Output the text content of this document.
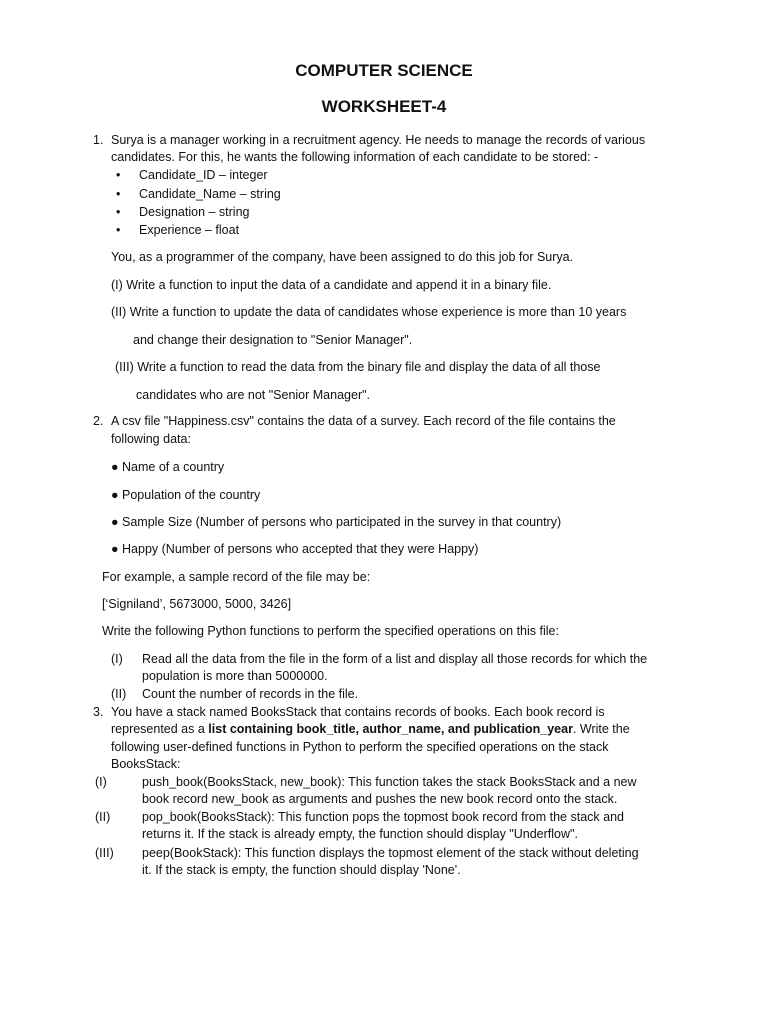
COMPUTER SCIENCE
WORKSHEET-4
1. Surya is a manager working in a recruitment agency. He needs to manage the records of various
candidates. For this, he wants the following information of each candidate to be stored: -
• Candidate_ID – integer
• Candidate_Name – string
• Designation – string
• Experience – float
You, as a programmer of the company, have been assigned to do this job for Surya.
(I) Write a function to input the data of a candidate and append it in a binary file.
(II) Write a function to update the data of candidates whose experience is more than 10 years
and change their designation to "Senior Manager".
(III) Write a function to read the data from the binary file and display the data of all those
candidates who are not "Senior Manager".
2. A csv file "Happiness.csv" contains the data of a survey. Each record of the file contains the
following data:
● Name of a country
● Population of the country
● Sample Size (Number of persons who participated in the survey in that country)
● Happy (Number of persons who accepted that they were Happy)
For example, a sample record of the file may be:
[‘Signiland’, 5673000, 5000, 3426]
Write the following Python functions to perform the specified operations on this file:
(I) Read all the data from the file in the form of a list and display all those records for which the
population is more than 5000000.
(II) Count the number of records in the file.
3. You have a stack named BooksStack that contains records of books. Each book record is
represented as a list containing book_title, author_name, and publication_year. Write the
following user-defined functions in Python to perform the specified operations on the stack
BooksStack:
(I)	push_book(BooksStack, new_book): This function takes the stack BooksStack and a new
book record new_book as arguments and pushes the new book record onto the stack.
(II)	pop_book(BooksStack): This function pops the topmost book record from the stack and
returns it. If the stack is already empty, the function should display "Underflow".
(III) peep(BookStack): This function displays the topmost element of the stack without deleting
it. If the stack is empty, the function should display 'None'.
